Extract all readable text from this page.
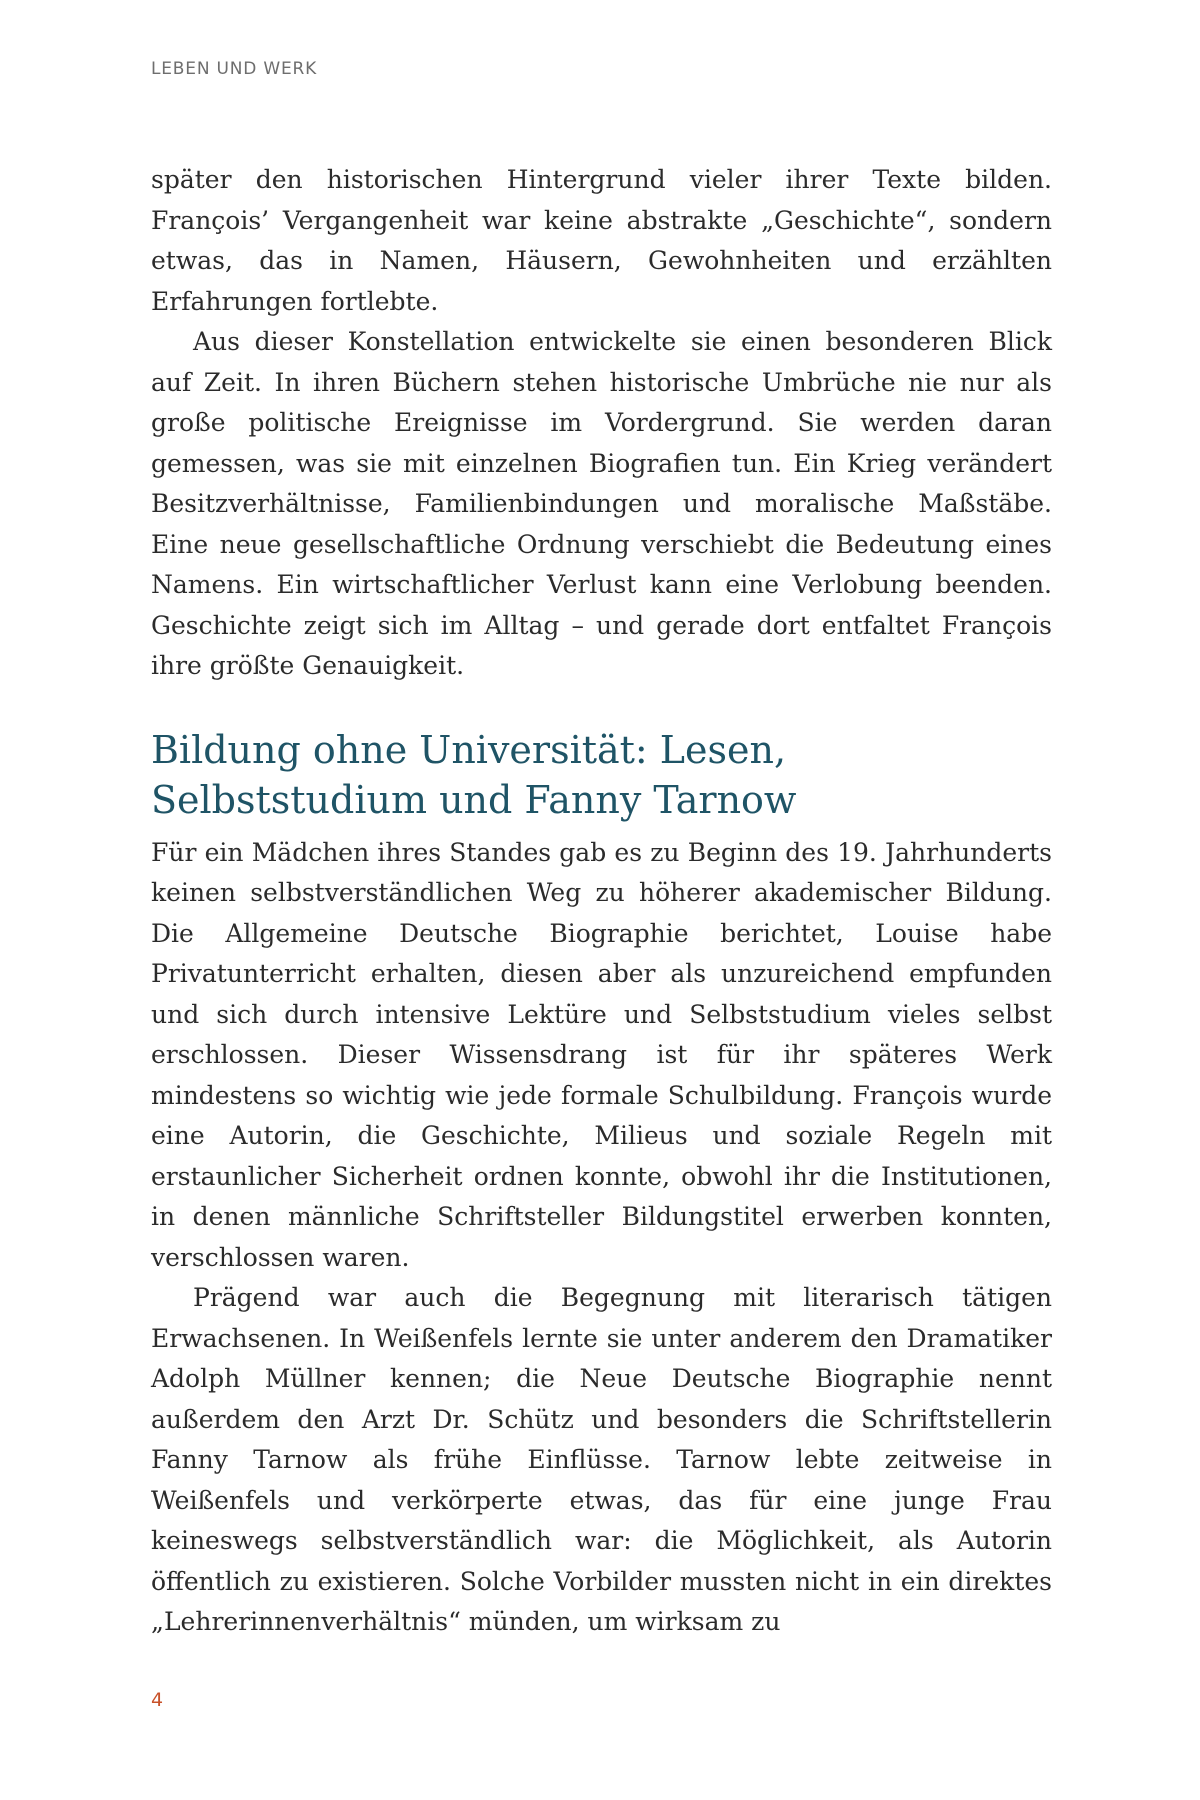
LEBEN UND WERK

später den historischen Hintergrund vieler ihrer Texte bilden. François’ Vergangenheit war keine abstrakte „Geschichte“, sondern etwas, das in Namen, Häusern, Gewohnheiten und erzählten Erfahrungen fortlebte.

Aus dieser Konstellation entwickelte sie einen besonderen Blick auf Zeit. In ihren Büchern stehen historische Umbrüche nie nur als große politische Ereignisse im Vordergrund. Sie werden daran gemessen, was sie mit einzelnen Biografien tun. Ein Krieg verändert Besitzverhältnisse, Familienbindungen und moralische Maßstäbe. Eine neue gesellschaftliche Ordnung verschiebt die Bedeutung eines Namens. Ein wirtschaftlicher Verlust kann eine Verlobung beenden. Geschichte zeigt sich im Alltag – und gerade dort entfaltet François ihre größte Genauigkeit.

Bildung ohne Universität: Lesen, Selbststudium und Fanny Tarnow

Für ein Mädchen ihres Standes gab es zu Beginn des 19. Jahrhunderts keinen selbstverständlichen Weg zu höherer akademischer Bildung. Die Allgemeine Deutsche Biographie berichtet, Louise habe Privatunterricht erhalten, diesen aber als unzureichend empfunden und sich durch intensive Lektüre und Selbststudium vieles selbst erschlossen. Dieser Wissensdrang ist für ihr späteres Werk mindestens so wichtig wie jede formale Schulbildung. François wurde eine Autorin, die Geschichte, Milieus und soziale Regeln mit erstaunlicher Sicherheit ordnen konnte, obwohl ihr die Institutionen, in denen männliche Schriftsteller Bildungstitel erwerben konnten, verschlossen waren.

Prägend war auch die Begegnung mit literarisch tätigen Erwachsenen. In Weißenfels lernte sie unter anderem den Dramatiker Adolph Müllner kennen; die Neue Deutsche Biographie nennt außerdem den Arzt Dr. Schütz und besonders die Schriftstellerin Fanny Tarnow als frühe Einflüsse. Tarnow lebte zeitweise in Weißenfels und verkörperte etwas, das für eine junge Frau keineswegs selbstverständlich war: die Möglichkeit, als Autorin öffentlich zu existieren. Solche Vorbilder mussten nicht in ein direktes „Lehrerinnenverhältnis“ münden, um wirksam zu

4
